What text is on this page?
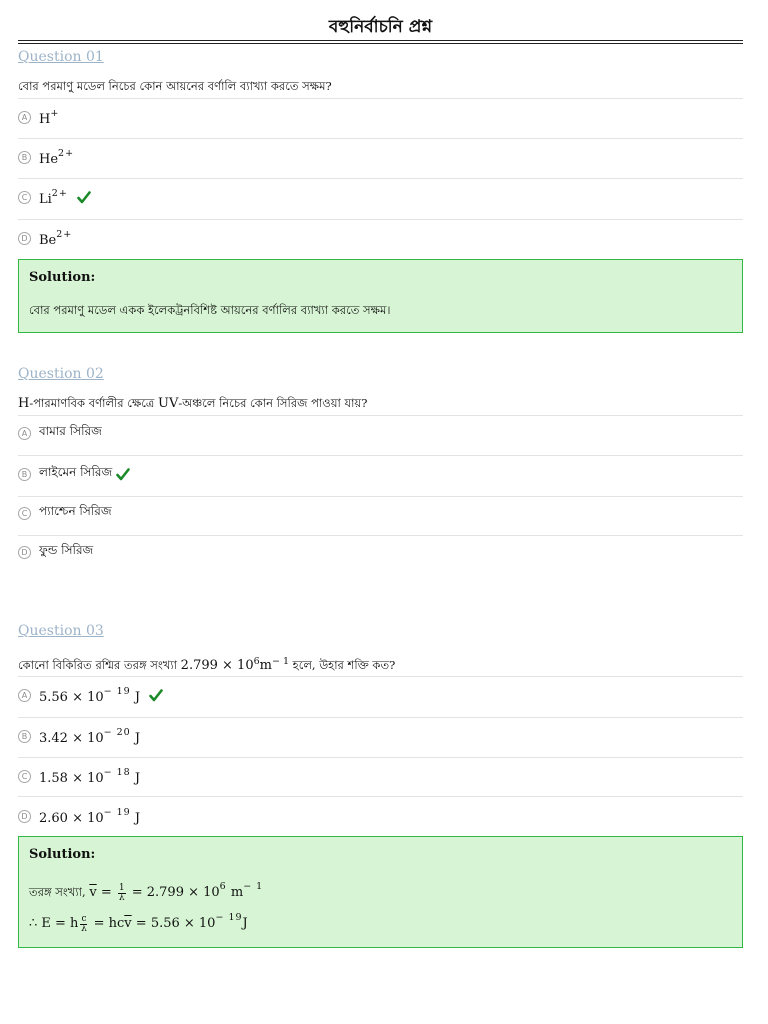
বহুনির্বাচনি প্রশ্ন
Question 01
বোর পরমাণু মডেল নিচের কোন আয়নের বর্ণালি ব্যাখ্যা করতে সক্ষম?
A H+
B $He^{2+}$
C $Li^{2+}$
D $Be^{2+}$
Solution:
বোর পরমাণু মডেল একক ইলেকট্রনবিশিষ্ট আয়নের বর্ণালির ব্যাখ্যা করতে সক্ষম।
Question 02
H-পারমাণবিক বর্ণালীর ক্ষেত্রে UV-অঞ্চলে নিচের কোন সিরিজ পাওয়া যায়?
A বামার সিরিজ
B লাইমেন সিরিজ
C প্যাশ্চেন সিরিজ
D ফুন্ড সিরিজ
Question 03
কোনো বিকিরিত রশ্মির তরঙ্গ সংখ্যা $2.799 \times 10^6m^{- 1}$ হলে, উহার শক্তি কত?
A $5.56 \times 10^{- 19}$ J
B $3.42 \times 10^{- 20}$ J
C $1.58 \times 10^{- 18}$ J
D $2.60 \times 10^{- 19}$ J
Solution:
তরঙ্গ সংখ্যা, $\overline{v} = \frac{1}{\lambda} = 2.799 \times 10^6$ $m^{- 1}$
∴ E = h $\frac{c}{\lambda} = hc\overline{v} = 5.56 \times 10^{- 19}J$
